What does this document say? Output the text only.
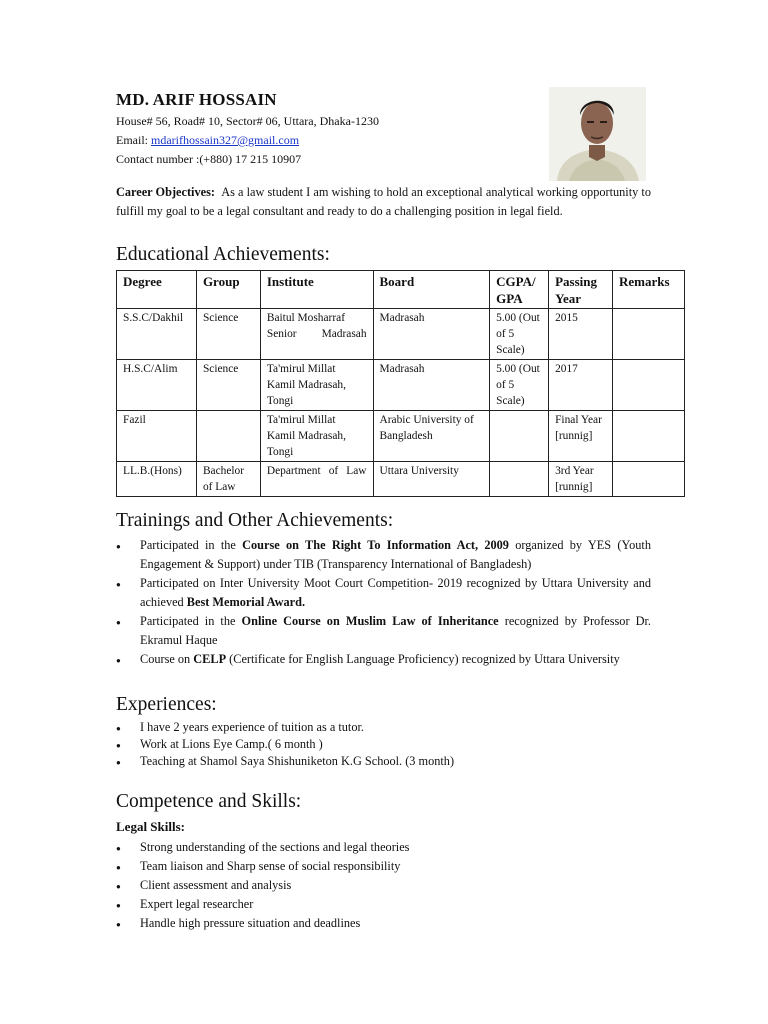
MD. ARIF HOSSAIN
House# 56, Road# 10, Sector# 06, Uttara, Dhaka-1230
Email: mdarifhossain327@gmail.com
Contact number :(+880) 17 215 10907
Career Objectives: As a law student I am wishing to hold an exceptional analytical working opportunity to fulfill my goal to be a legal consultant and ready to do a challenging position in legal field.
Educational Achievements:
Degree	Group	Institute	Board	CGPA/ GPA	Passing Year	Remarks
S.S.C/Dakhil	Science	Baitul Mosharraf Senior Madrasah	Madrasah	5.00 (Out of 5 Scale)	2015	
H.S.C/Alim	Science	Ta'mirul Millat Kamil Madrasah, Tongi	Madrasah	5.00 (Out of 5 Scale)	2017	
Fazil		Ta'mirul Millat Kamil Madrasah, Tongi	Arabic University of Bangladesh		Final Year [runnig]	
LL.B.(Hons)	Bachelor of Law	Department of Law	Uttara University		3rd Year [runnig]	
Trainings and Other Achievements:
● Participated in the Course on The Right To Information Act, 2009 organized by YES (Youth Engagement & Support) under TIB (Transparency International of Bangladesh)
● Participated on Inter University Moot Court Competition- 2019 recognized by Uttara University and achieved Best Memorial Award.
● Participated in the Online Course on Muslim Law of Inheritance recognized by Professor Dr. Ekramul Haque
● Course on CELP (Certificate for English Language Proficiency) recognized by Uttara University
Experiences:
● I have 2 years experience of tuition as a tutor.
● Work at Lions Eye Camp.( 6 month )
● Teaching at Shamol Saya Shishuniketon K.G School. (3 month)
Competence and Skills:
Legal Skills:
● Strong understanding of the sections and legal theories
● Team liaison and Sharp sense of social responsibility
● Client assessment and analysis
● Expert legal researcher
● Handle high pressure situation and deadlines
